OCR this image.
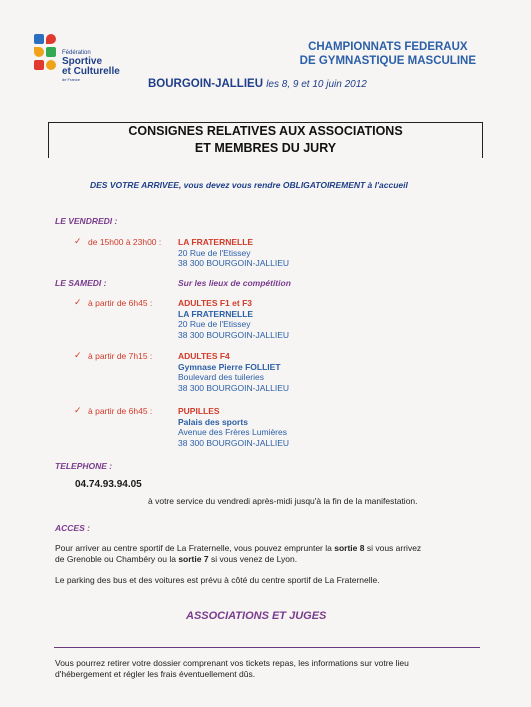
Fédération
Sportive
et Culturelle
de France
CHAMPIONNATS FEDERAUX
DE GYMNASTIQUE MASCULINE
BOURGOIN-JALLIEU les 8, 9 et 10 juin 2012
CONSIGNES RELATIVES AUX ASSOCIATIONS
ET MEMBRES DU JURY
DES VOTRE ARRIVEE, vous devez vous rendre OBLIGATOIREMENT à l'accueil
LE VENDREDI :
✓ de 15h00 à 23h00 : LA FRATERNELLE
20 Rue de l'Etissey
38 300 BOURGOIN-JALLIEU
LE SAMEDI :	Sur les lieux de compétition
✓ à partir de 6h45 :	ADULTES F1 et F3
LA FRATERNELLE
20 Rue de l'Etissey
38 300 BOURGOIN-JALLIEU
✓ à partir de 7h15 :	ADULTES F4
Gymnase Pierre FOLLIET
Boulevard des tuileries
38 300 BOURGOIN-JALLIEU
✓ à partir de 6h45 :	PUPILLES
Palais des sports
Avenue des Frères Lumières
38 300 BOURGOIN-JALLIEU
TELEPHONE :
04.74.93.94.05
à votre service du vendredi après-midi jusqu'à la fin de la manifestation.
ACCES :
Pour arriver au centre sportif de La Fraternelle, vous pouvez emprunter la sortie 8 si vous arrivez
de Grenoble ou Chambéry ou la sortie 7 si vous venez de Lyon.
Le parking des bus et des voitures est prévu à côté du centre sportif de La Fraternelle.
ASSOCIATIONS ET JUGES
Vous pourrez retirer votre dossier comprenant vos tickets repas, les informations sur votre lieu
d'hébergement et régler les frais éventuellement dûs.
